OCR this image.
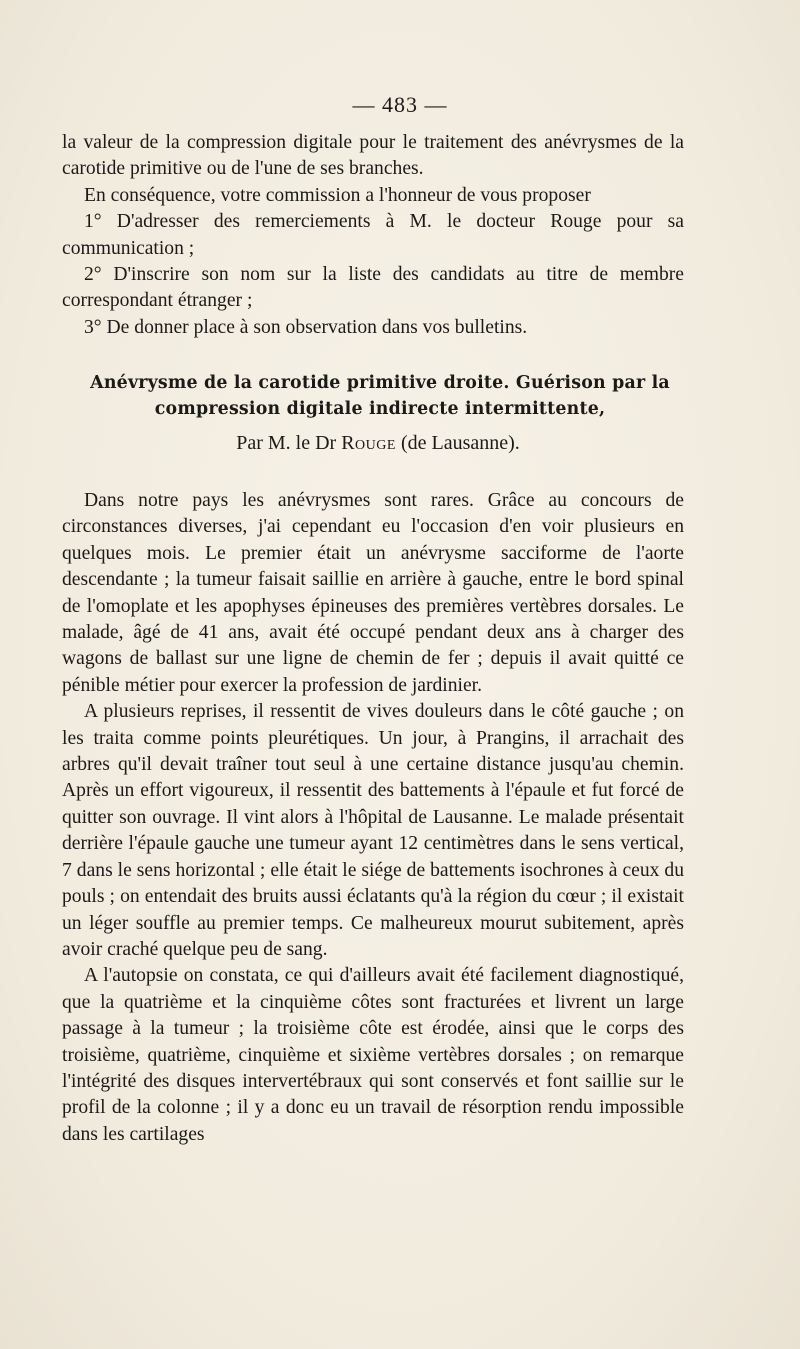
— 483 —

la valeur de la compression digitale pour le traitement des anévrysmes de la carotide primitive ou de l'une de ses branches.

En conséquence, votre commission a l'honneur de vous proposer

1° D'adresser des remerciements à M. le docteur Rouge pour sa communication ;

2° D'inscrire son nom sur la liste des candidats au titre de membre correspondant étranger ;

3° De donner place à son observation dans vos bulletins.

Anévrysme de la carotide primitive droite. Guérison par la compression digitale indirecte intermittente,
Par M. le Dr Rouge (de Lausanne).

Dans notre pays les anévrysmes sont rares. Grâce au concours de circonstances diverses, j'ai cependant eu l'occasion d'en voir plusieurs en quelques mois. Le premier était un anévrysme sacciforme de l'aorte descendante ; la tumeur faisait saillie en arrière à gauche, entre le bord spinal de l'omoplate et les apophyses épineuses des premières vertèbres dorsales. Le malade, âgé de 41 ans, avait été occupé pendant deux ans à charger des wagons de ballast sur une ligne de chemin de fer ; depuis il avait quitté ce pénible métier pour exercer la profession de jardinier.

A plusieurs reprises, il ressentit de vives douleurs dans le côté gauche ; on les traita comme points pleurétiques. Un jour, à Prangins, il arrachait des arbres qu'il devait traîner tout seul à une certaine distance jusqu'au chemin. Après un effort vigoureux, il ressentit des battements à l'épaule et fut forcé de quitter son ouvrage. Il vint alors à l'hôpital de Lausanne. Le malade présentait derrière l'épaule gauche une tumeur ayant 12 centimètres dans le sens vertical, 7 dans le sens horizontal ; elle était le siége de battements isochrones à ceux du pouls ; on entendait des bruits aussi éclatants qu'à la région du cœur ; il existait un léger souffle au premier temps. Ce malheureux mourut subitement, après avoir craché quelque peu de sang.

A l'autopsie on constata, ce qui d'ailleurs avait été facilement diagnostiqué, que la quatrième et la cinquième côtes sont fracturées et livrent un large passage à la tumeur ; la troisième côte est érodée, ainsi que le corps des troisième, quatrième, cinquième et sixième vertèbres dorsales ; on remarque l'intégrité des disques intervertébraux qui sont conservés et font saillie sur le profil de la colonne ; il y a donc eu un travail de résorption rendu impossible dans les cartilages
